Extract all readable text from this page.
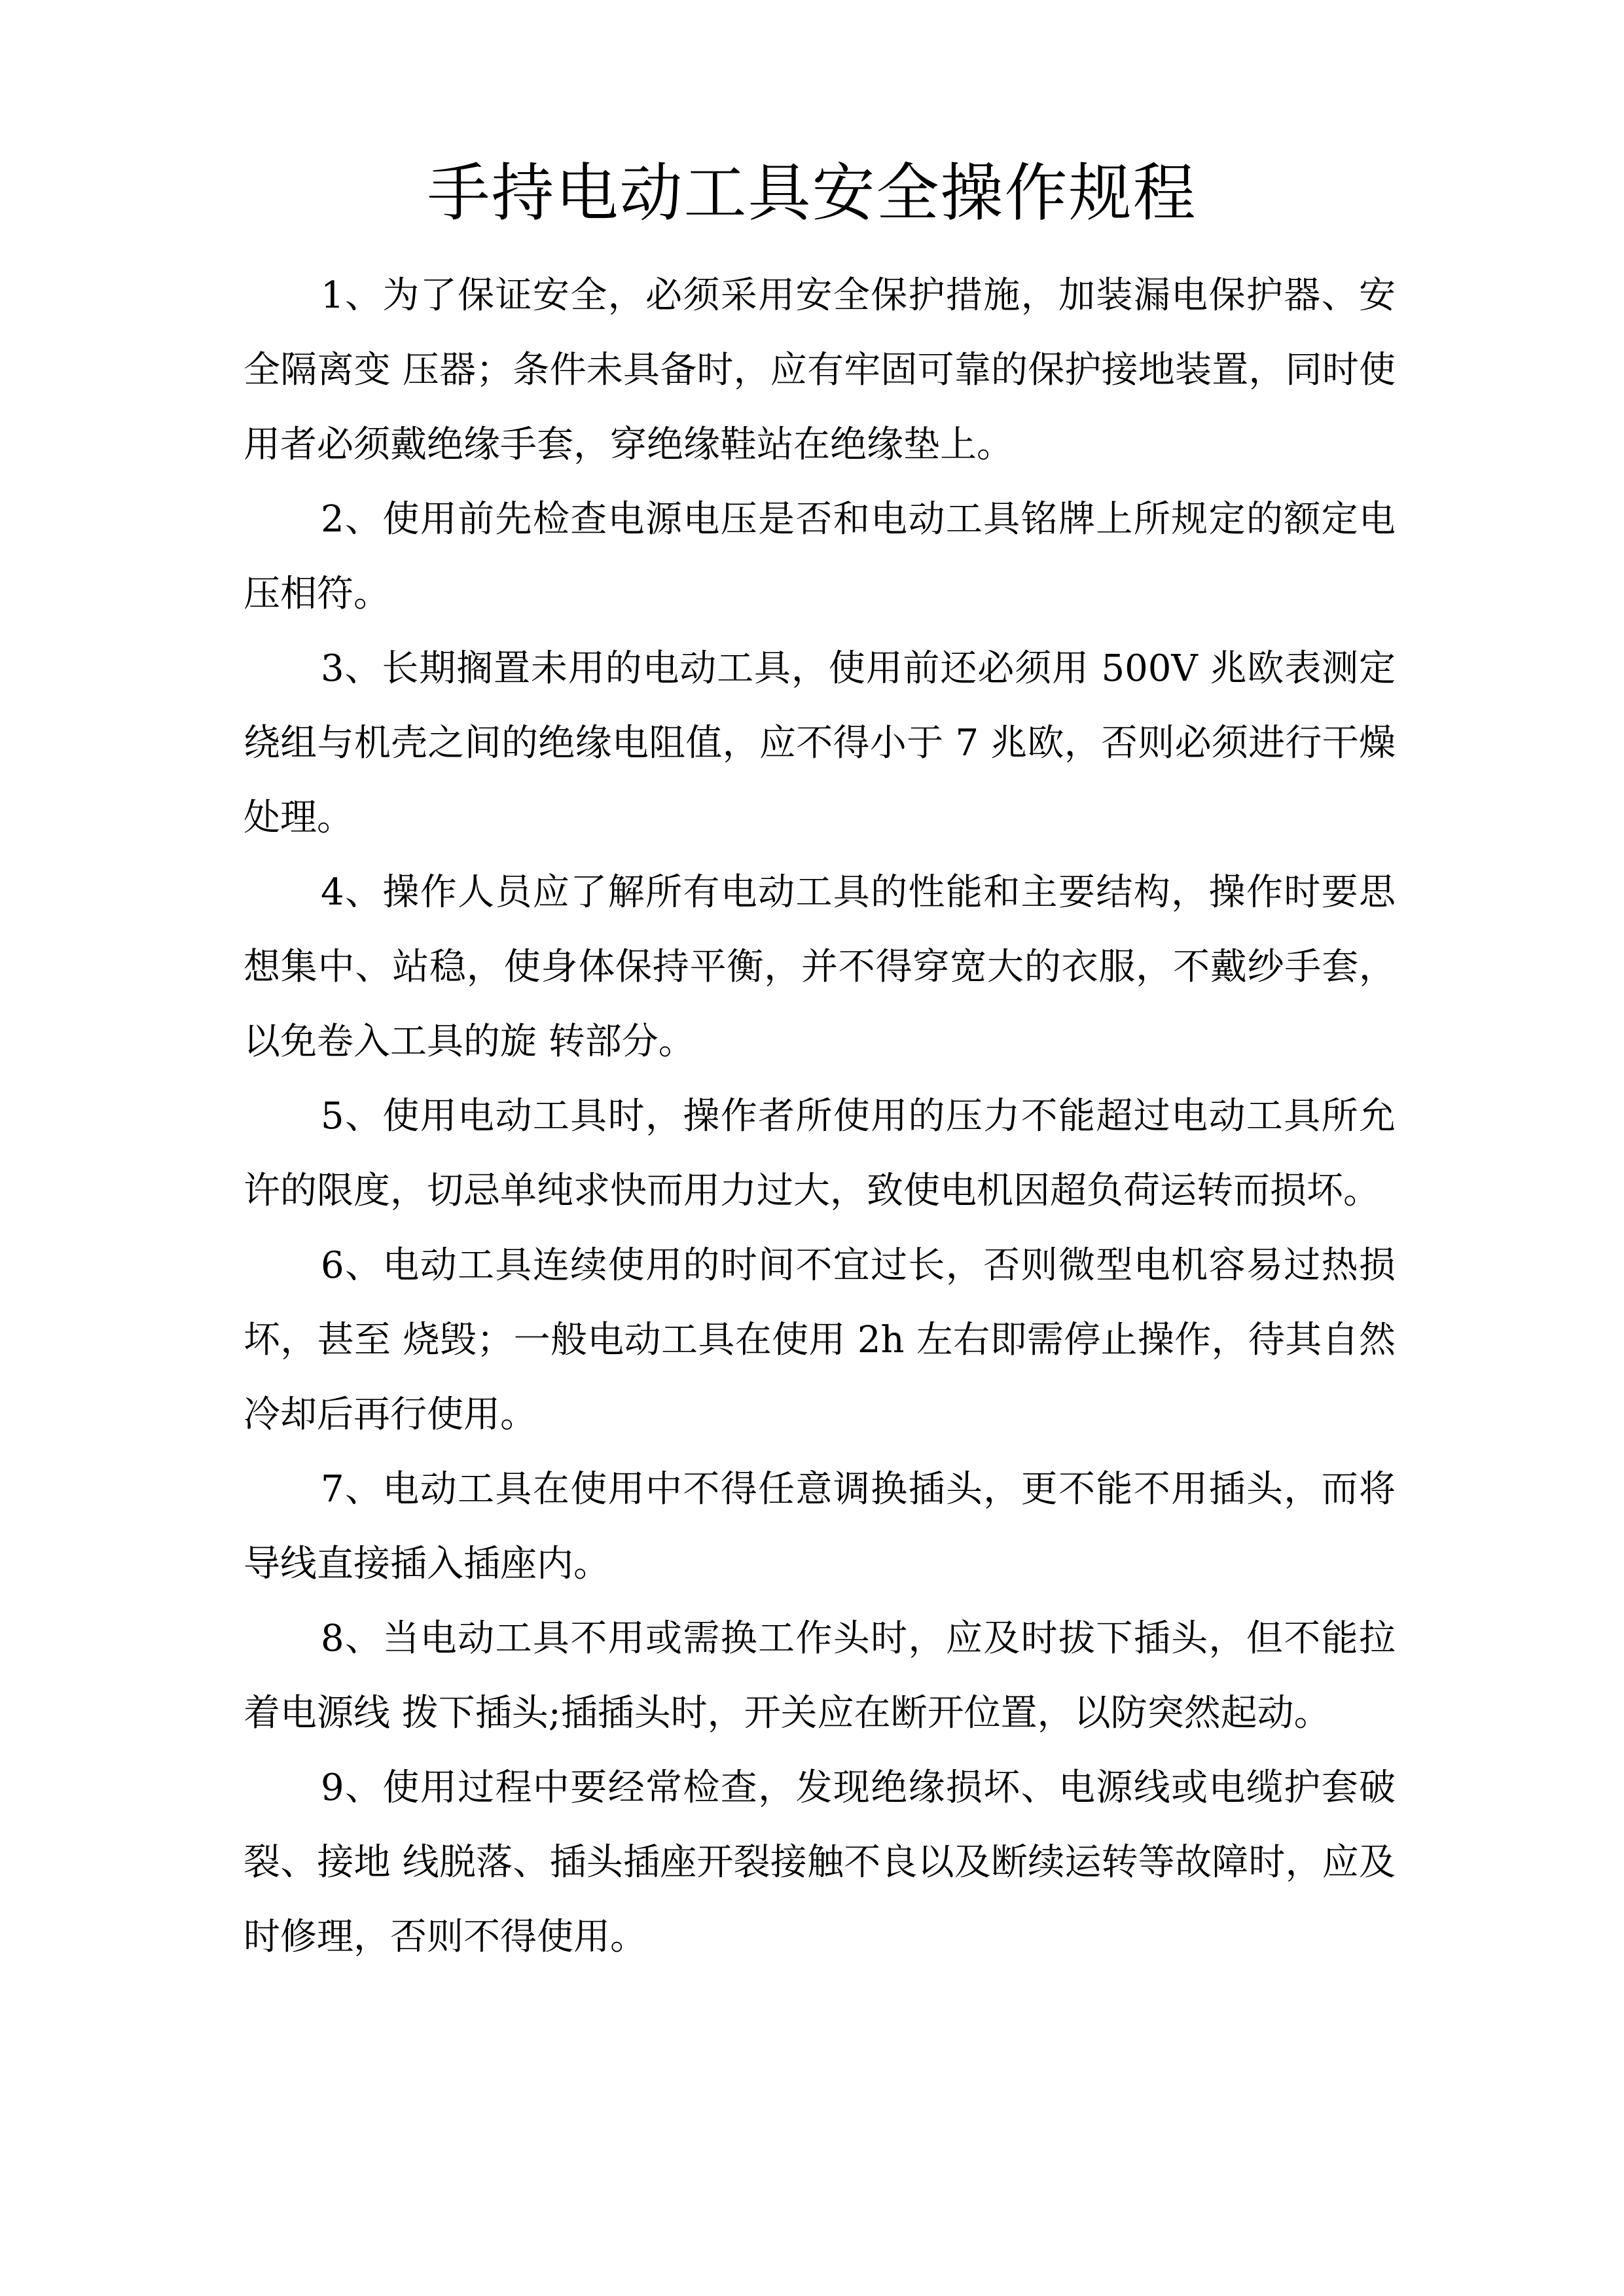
手持电动工具安全操作规程

1、为了保证安全，必须采用安全保护措施，加装漏电保护器、安全隔离变 压器；条件未具备时，应有牢固可靠的保护接地装置，同时使用者必须戴绝缘手套，穿绝缘鞋站在绝缘垫上。

2、使用前先检查电源电压是否和电动工具铭牌上所规定的额定电压相符。

3、长期搁置未用的电动工具，使用前还必须用 500V 兆欧表测定绕组与机壳之间的绝缘电阻值，应不得小于 7 兆欧，否则必须进行干燥处理。

4、操作人员应了解所有电动工具的性能和主要结构，操作时要思想集中、站稳，使身体保持平衡，并不得穿宽大的衣服，不戴纱手套，以免卷入工具的旋 转部分。

5、使用电动工具时，操作者所使用的压力不能超过电动工具所允许的限度，切忌单纯求快而用力过大，致使电机因超负荷运转而损坏。

6、电动工具连续使用的时间不宜过长，否则微型电机容易过热损坏，甚至 烧毁；一般电动工具在使用 2h 左右即需停止操作，待其自然冷却后再行使用。

7、电动工具在使用中不得任意调换插头，更不能不用插头，而将导线直接插入插座内。

8、当电动工具不用或需换工作头时，应及时拔下插头，但不能拉着电源线 拨下插头;插插头时，开关应在断开位置，以防突然起动。

9、使用过程中要经常检查，发现绝缘损坏、电源线或电缆护套破裂、接地 线脱落、插头插座开裂接触不良以及断续运转等故障时，应及时修理，否则不得使用。
